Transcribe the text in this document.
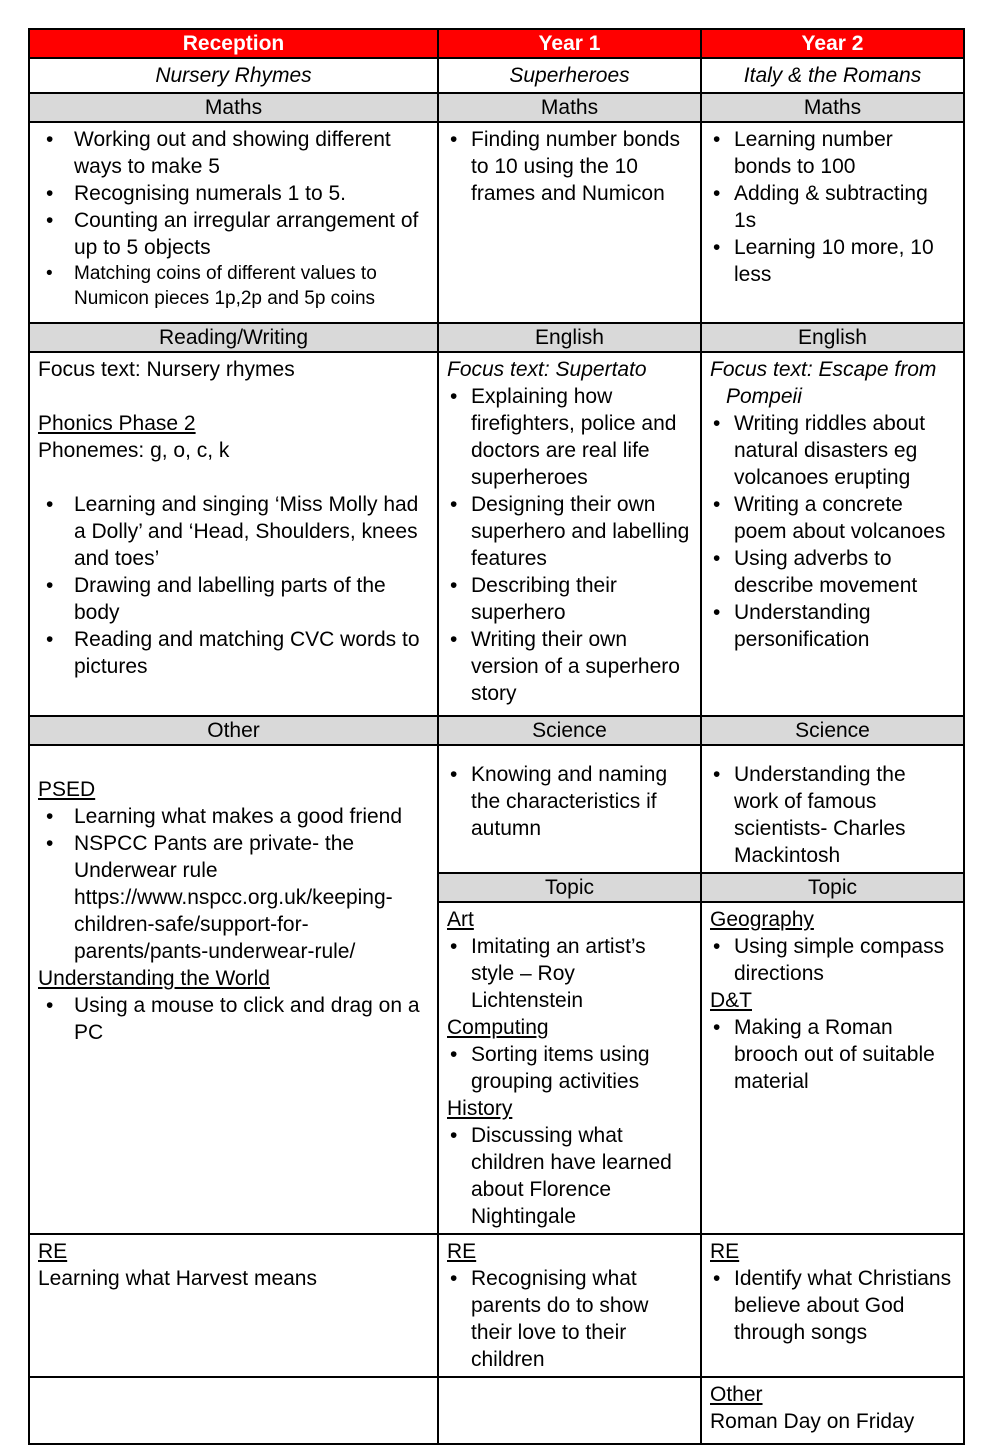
Reception	Year 1	Year 2
Nursery Rhymes	Superheroes	Italy & the Romans
Maths	Maths	Maths

• Working out and showing different ways to make 5
• Recognising numerals 1 to 5.
• Counting an irregular arrangement of up to 5 objects
•	Matching coins of different values to Numicon pieces 1p,2p and 5p coins

• Finding number bonds to 10 using the 10 frames and Numicon

• Learning number bonds to 100
• Adding & subtracting 1s
• Learning 10 more, 10 less

Reading/Writing	English	English

Focus text: Nursery rhymes
Phonics Phase 2
Phonemes: g, o, c, k
• Learning and singing ‘Miss Molly had a Dolly’ and ‘Head, Shoulders, knees and toes’
• Drawing and labelling parts of the body
• Reading and matching CVC words to pictures

Focus text: Supertato
• Explaining how firefighters, police and doctors are real life superheroes
• Designing their own superhero and labelling features
• Describing their superhero
• Writing their own version of a superhero story

Focus text: Escape from Pompeii
• Writing riddles about natural disasters eg volcanoes erupting
• Writing a concrete poem about volcanoes
• Using adverbs to describe movement
• Understanding personification

Other	Science	Science

PSED
• Learning what makes a good friend
• NSPCC Pants are private- the Underwear rule https://www.nspcc.org.uk/keeping-children-safe/support-for-parents/pants-underwear-rule/
Understanding the World
• Using a mouse to click and drag on a PC

• Knowing and naming the characteristics if autumn

• Understanding the work of famous scientists- Charles Mackintosh

	Topic	Topic

Art
• Imitating an artist’s style – Roy Lichtenstein
Computing
• Sorting items using grouping activities
History
• Discussing what children have learned about Florence Nightingale

Geography
• Using simple compass directions
D&T
• Making a Roman brooch out of suitable material

RE
Learning what Harvest means

RE
• Recognising what parents do to show their love to their children

RE
• Identify what Christians believe about God through songs

		Other
Roman Day on Friday
